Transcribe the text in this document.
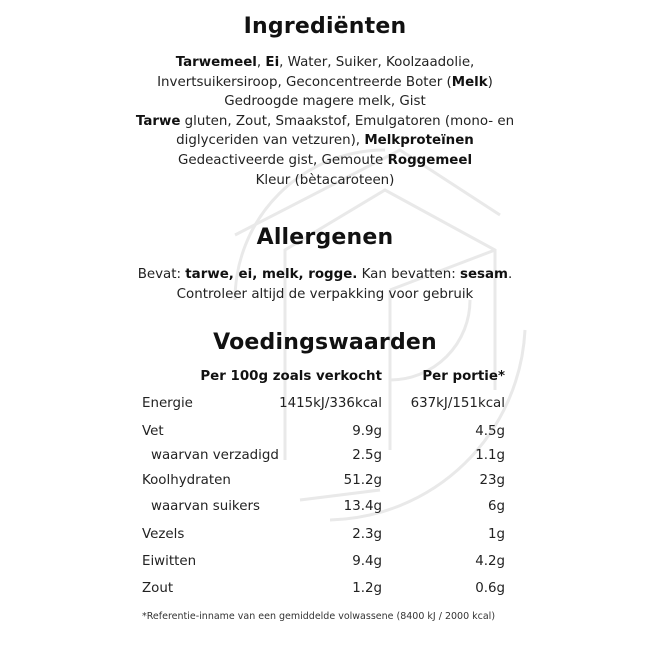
Ingrediënten
Tarwemeel, Ei, Water, Suiker, Koolzaadolie,
Invertsuikersiroop, Geconcentreerde Boter (Melk)
Gedroogde magere melk, Gist
Tarwe gluten, Zout, Smaakstof, Emulgatoren (mono- en
diglyceriden van vetzuren), Melkproteïnen
Gedeactiveerde gist, Gemoute Roggemeel
Kleur (bètacaroteen)
Allergenen
Bevat: tarwe, ei, melk, rogge. Kan bevatten: sesam.
Controleer altijd de verpakking voor gebruik
Voedingswaarden
Per 100g zoals verkocht	Per portie*
Energie	1415kJ/336kcal 637kJ/151kcal
Vet	9.9g	4.5g
waarvan verzadigd	2.5g	1.1g
Koolhydraten	51.2g	23g
waarvan suikers	13.4g	6g
Vezels	2.3g	1g
Eiwitten	9.4g	4.2g
Zout	1.2g	0.6g
*Referentie-inname van een gemiddelde volwassene (8400 kJ / 2000 kcal)
